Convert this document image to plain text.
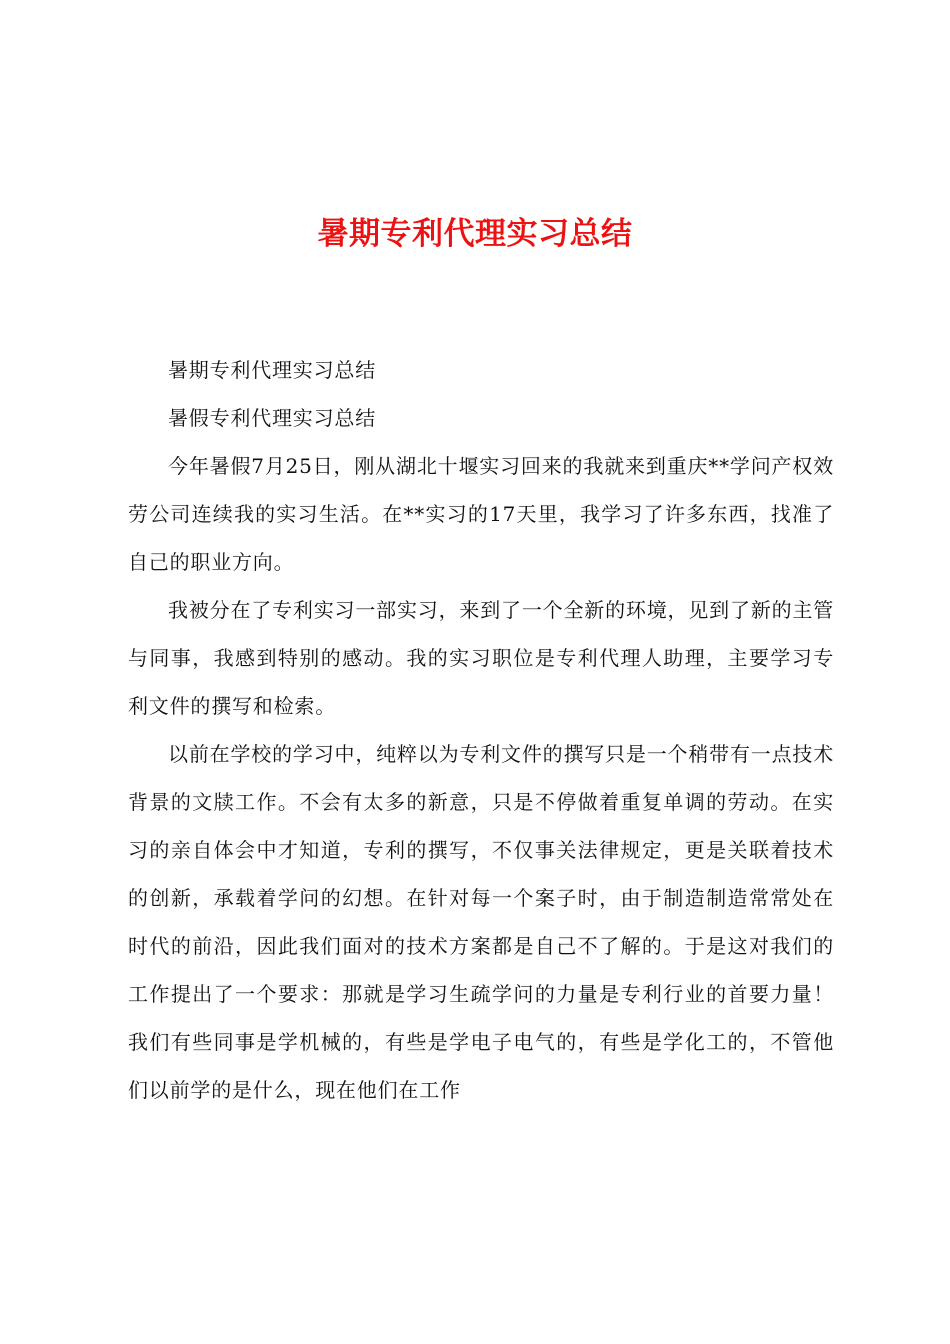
暑期专利代理实习总结

暑期专利代理实习总结

暑假专利代理实习总结

今年暑假7月25日，刚从湖北十堰实习回来的我就来到重庆**学问产权效劳公司连续我的实习生活。在**实习的17天里，我学习了许多东西，找准了自己的职业方向。

我被分在了专利实习一部实习，来到了一个全新的环境，见到了新的主管与同事，我感到特别的感动。我的实习职位是专利代理人助理，主要学习专利文件的撰写和检索。

以前在学校的学习中，纯粹以为专利文件的撰写只是一个稍带有一点技术背景的文牍工作。不会有太多的新意，只是不停做着重复单调的劳动。在实习的亲自体会中才知道，专利的撰写，不仅事关法律规定，更是关联着技术的创新，承载着学问的幻想。在针对每一个案子时，由于制造制造常常处在时代的前沿，因此我们面对的技术方案都是自己不了解的。于是这对我们的工作提出了一个要求：那就是学习生疏学问的力量是专利行业的首要力量！我们有些同事是学机械的，有些是学电子电气的，有些是学化工的，不管他们以前学的是什么，现在他们在工作
